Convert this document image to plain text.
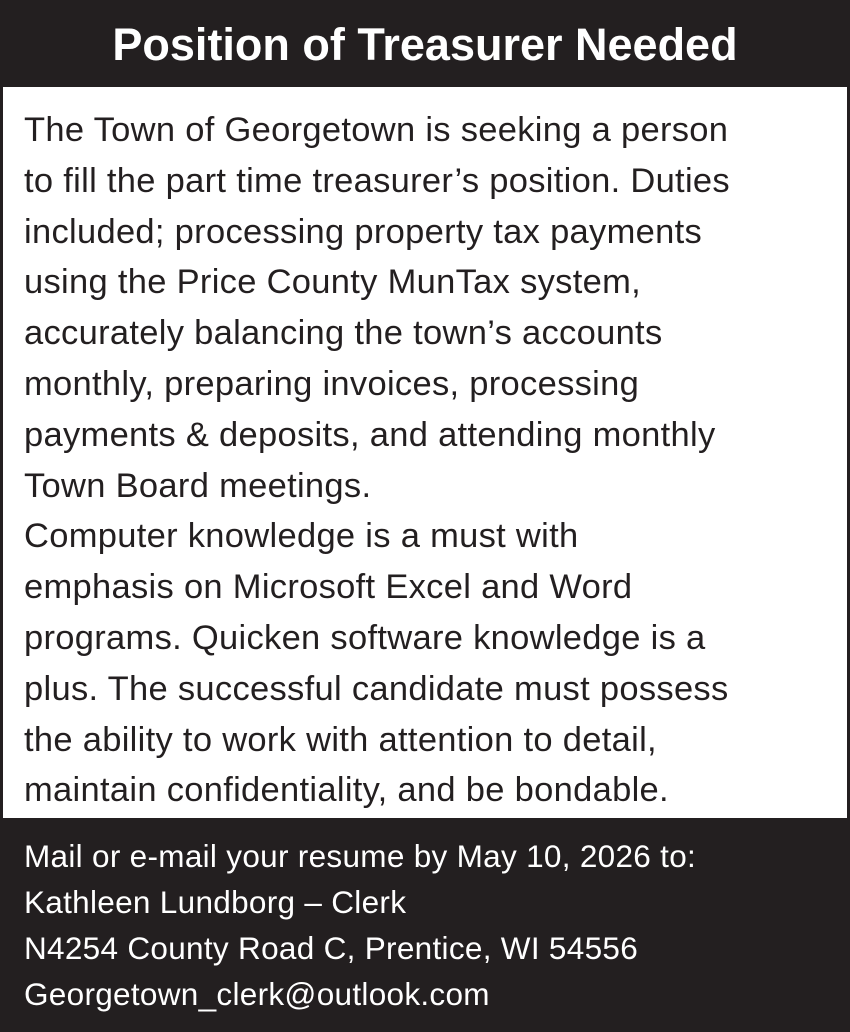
Position of Treasurer Needed
The Town of Georgetown is seeking a person
to fill the part time treasurer’s position. Duties
included; processing property tax payments
using the Price County MunTax system,
accurately balancing the town’s accounts
monthly, preparing invoices, processing
payments & deposits, and attending monthly
Town Board meetings.
Computer knowledge is a must with
emphasis on Microsoft Excel and Word
programs. Quicken software knowledge is a
plus. The successful candidate must possess
the ability to work with attention to detail,
maintain confidentiality, and be bondable.
Mail or e-mail your resume by May 10, 2026 to:
Kathleen Lundborg – Clerk
N4254 County Road C, Prentice, WI 54556
Georgetown_clerk@outlook.com
